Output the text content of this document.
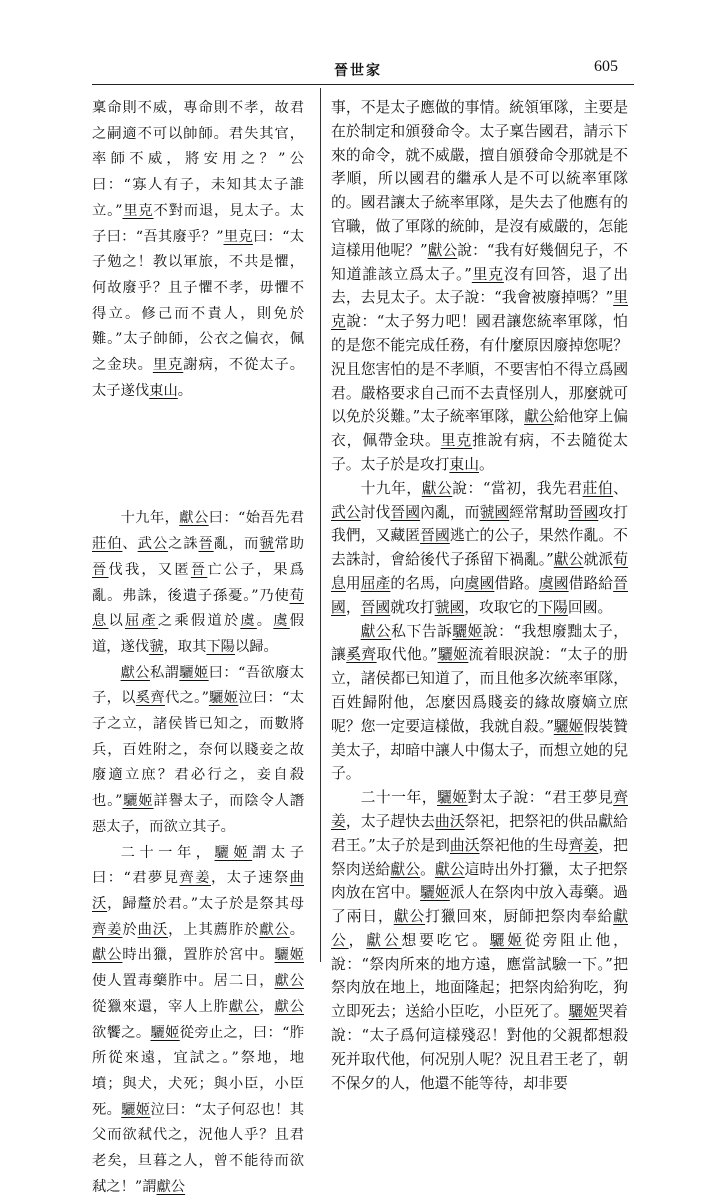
晉世家	605

稟命則不威，專命則不孝，故君之嗣適不可以帥師。君失其官，率師不威，將安用之？”公曰：“寡人有子，未知其太子誰立。”里克不對而退，見太子。太子曰：“吾其廢乎？”里克曰：“太子勉之！教以軍旅，不共是懼，何故廢乎？且子懼不孝，毋懼不得立。修己而不責人，則免於難。”太子帥師，公衣之偏衣，佩之金玦。里克謝病，不從太子。太子遂伐東山。

十九年，獻公曰：“始吾先君莊伯、武公之誅晉亂，而虢常助晉伐我，又匿晉亡公子，果爲亂。弗誅，後遺子孫憂。”乃使荀息以屈產之乘假道於虞。虞假道，遂伐虢，取其下陽以歸。

獻公私謂驪姬曰：“吾欲廢太子，以奚齊代之。”驪姬泣曰：“太子之立，諸侯皆已知之，而數將兵，百姓附之，奈何以賤妾之故廢適立庶？君必行之，妾自殺也。”驪姬詳譽太子，而陰令人譖惡太子，而欲立其子。

二十一年，驪姬謂太子曰：“君夢見齊姜，太子速祭曲沃，歸釐於君。”太子於是祭其母齊姜於曲沃，上其薦胙於獻公。獻公時出獵，置胙於宮中。驪姬使人置毒藥胙中。居二日，獻公從獵來還，宰人上胙獻公，獻公欲饗之。驪姬從旁止之，曰：“胙所從來遠，宜試之。”祭地，地墳；與犬，犬死；與小臣，小臣死。驪姬泣曰：“太子何忍也！其父而欲弒代之，況他人乎？且君老矣，旦暮之人，曾不能待而欲弒之！”謂獻公

事，不是太子應做的事情。統領軍隊，主要是在於制定和頒發命令。太子稟告國君，請示下來的命令，就不威嚴，擅自頒發命令那就是不孝順，所以國君的繼承人是不可以統率軍隊的。國君讓太子統率軍隊，是失去了他應有的官職，做了軍隊的統帥，是沒有威嚴的，怎能這樣用他呢？”獻公說：“我有好幾個兒子，不知道誰該立爲太子。”里克沒有回答，退了出去，去見太子。太子說：“我會被廢掉嗎？”里克說：“太子努力吧！國君讓您統率軍隊，怕的是您不能完成任務，有什麼原因廢掉您呢？況且您害怕的是不孝順，不要害怕不得立爲國君。嚴格要求自己而不去責怪別人，那麼就可以免於災難。”太子統率軍隊，獻公給他穿上偏衣，佩帶金玦。里克推說有病，不去隨從太子。太子於是攻打東山。

十九年，獻公說：“當初，我先君莊伯、武公討伐晉國內亂，而虢國經常幫助晉國攻打我們，又藏匿晉國逃亡的公子，果然作亂。不去誅討，會給後代子孫留下禍亂。”獻公就派荀息用屈產的名馬，向虞國借路。虞國借路給晉國，晉國就攻打虢國，攻取它的下陽回國。

獻公私下告訴驪姬說：“我想廢黜太子，讓奚齊取代他。”驪姬流着眼淚說：“太子的册立，諸侯都已知道了，而且他多次統率軍隊，百姓歸附他，怎麼因爲賤妾的緣故廢嫡立庶呢？您一定要這樣做，我就自殺。”驪姬假裝贊美太子，却暗中讓人中傷太子，而想立她的兒子。

二十一年，驪姬對太子說：“君王夢見齊姜，太子趕快去曲沃祭祀，把祭祀的供品獻給君王。”太子於是到曲沃祭祀他的生母齊姜，把祭肉送給獻公。獻公這時出外打獵，太子把祭肉放在宮中。驪姬派人在祭肉中放入毒藥。過了兩日，獻公打獵回來，厨師把祭肉奉給獻公，獻公想要吃它。驪姬從旁阻止他，說：“祭肉所來的地方遠，應當試驗一下。”把祭肉放在地上，地面隆起；把祭肉給狗吃，狗立即死去；送給小臣吃，小臣死了。驪姬哭着說：“太子爲何這樣殘忍！對他的父親都想殺死并取代他，何况别人呢？況且君王老了，朝不保夕的人，他還不能等待，却非要
